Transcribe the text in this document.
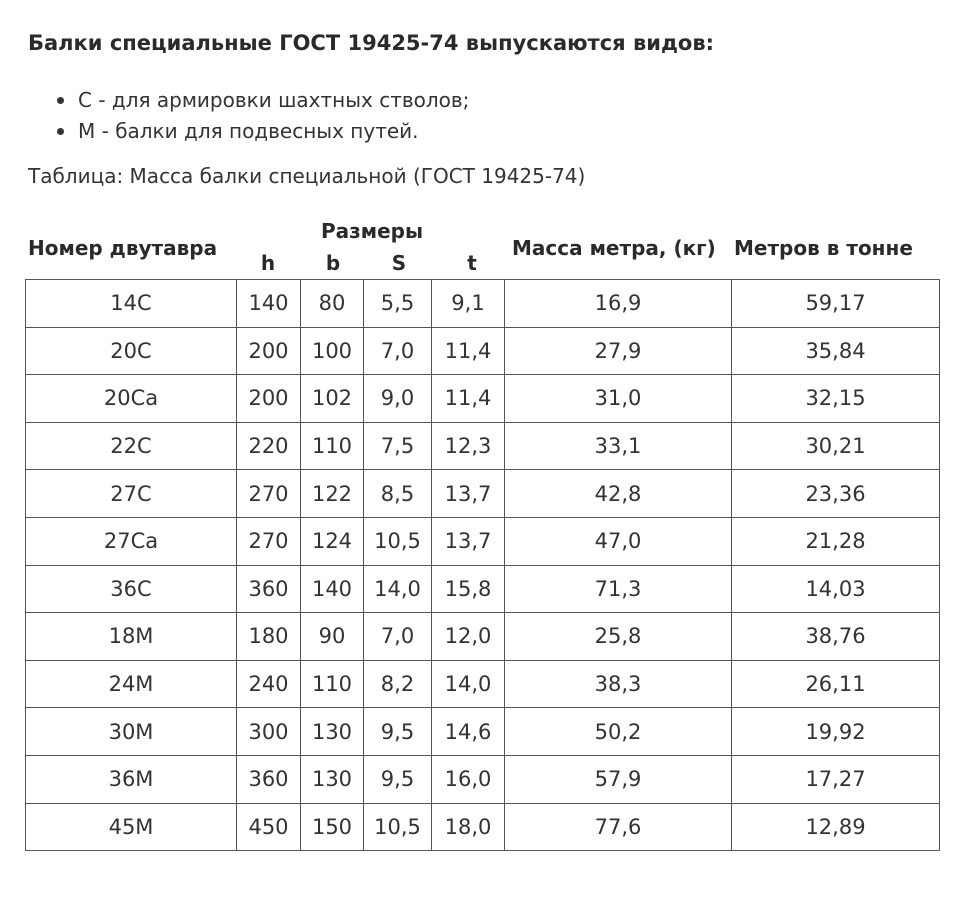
Балки специальные ГОСТ 19425-74 выпускаются видов:
С - для армировки шахтных стволов;
М - балки для подвесных путей.
Таблица: Масса балки специальной (ГОСТ 19425-74)
Номер двутавра
Размеры
h	b	S	t
Масса метра, (кг) Метров в тонне
14С	140	80	5,5	9,1	16,9	59,17
20С	200	100	7,0	11,4	27,9	35,84
20Са	200	102	9,0	11,4	31,0	32,15
22С	220	110	7,5	12,3	33,1	30,21
27С	270	122	8,5	13,7	42,8	23,36
27Са	270	124	10,5	13,7	47,0	21,28
36С	360	140	14,0	15,8	71,3	14,03
18М	180	90	7,0	12,0	25,8	38,76
24М	240	110	8,2	14,0	38,3	26,11
30М	300	130	9,5	14,6	50,2	19,92
36М	360	130	9,5	16,0	57,9	17,27
45М	450	150	10,5	18,0	77,6	12,89
